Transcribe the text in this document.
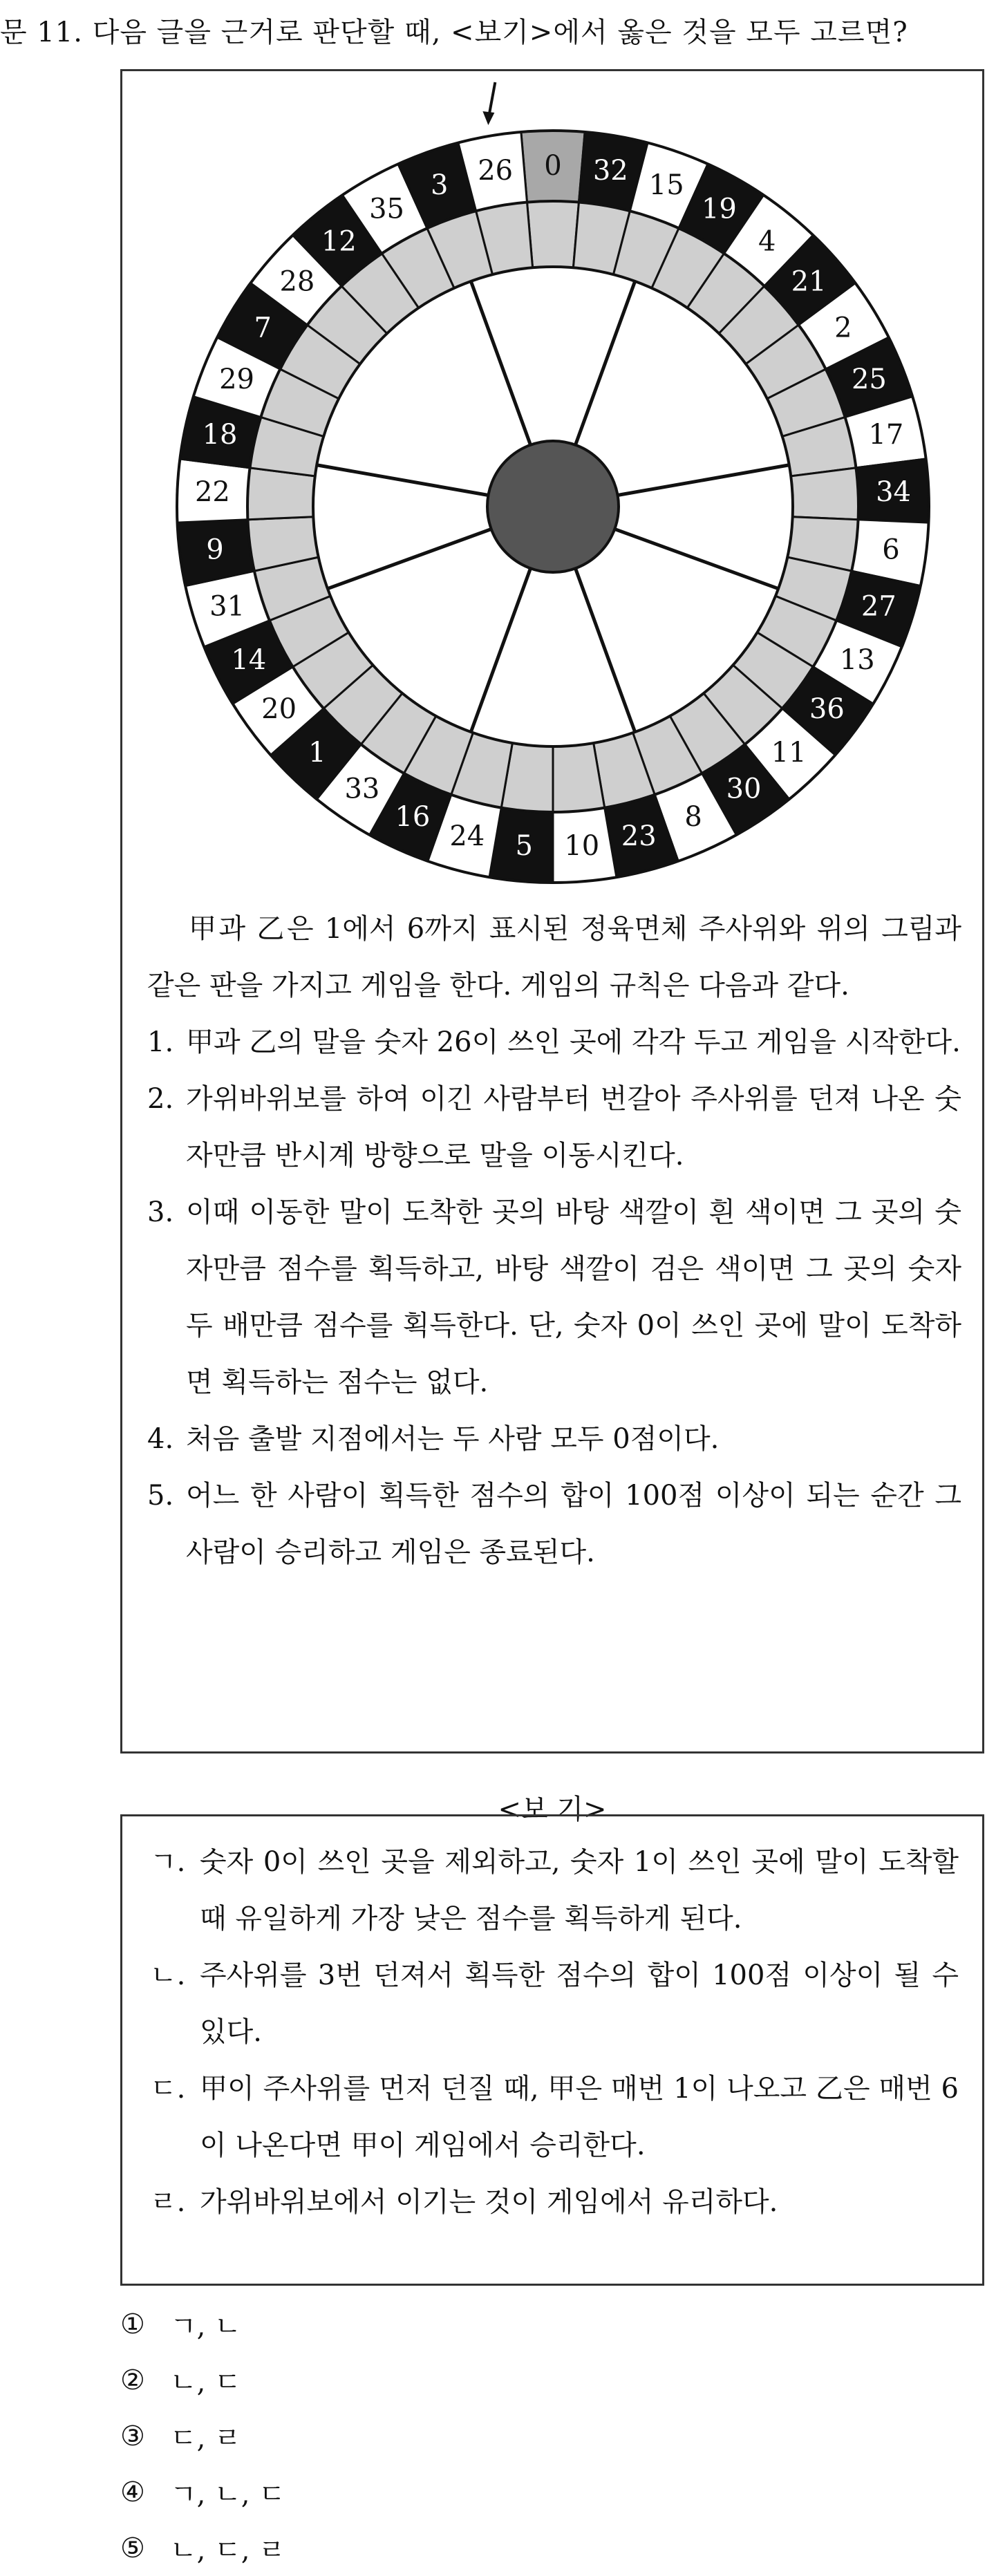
문 11.
다음 글을 근거로 판단할 때, <보기>에서 옳은 것을 모두 고르면?
0 32 15
19
4
21
2
25
17
34
6
27
13
36
11
30
8
23
10
5
24
16
33
1
20
14
31
9
22
18
29
7
28
12
35
3 26

甲과 乙은 1에서 6까지 표시된 정육면체 주사위와 위의 그림과 같은 판을 가지고 게임을 한다. 게임의 규칙은 다음과 같다.

1. 甲과 乙의 말을 숫자 26이 쓰인 곳에 각각 두고 게임을 시작한다.
2. 가위바위보를 하여 이긴 사람부터 번갈아 주사위를 던져 나온 숫자만큼 반시계 방향으로 말을 이동시킨다.
3. 이때 이동한 말이 도착한 곳의 바탕 색깔이 흰 색이면 그 곳의 숫자만큼 점수를 획득하고, 바탕 색깔이 검은 색이면 그 곳의 숫자 두 배만큼 점수를 획득한다. 단, 숫자 0이 쓰인 곳에 말이 도착하면 획득하는 점수는 없다.
4. 처음 출발 지점에서는 두 사람 모두 0점이다.
5. 어느 한 사람이 획득한 점수의 합이 100점 이상이 되는 순간 그 사람이 승리하고 게임은 종료된다.
<보 기>
ㄱ. 숫자 0이 쓰인 곳을 제외하고, 숫자 1이 쓰인 곳에 말이 도착할 때 유일하게 가장 낮은 점수를 획득하게 된다.
ㄴ. 주사위를 3번 던져서 획득한 점수의 합이 100점 이상이 될 수 있다.
ㄷ. 甲이 주사위를 먼저 던질 때, 甲은 매번 1이 나오고 乙은 매번 6이 나온다면 甲이 게임에서 승리한다.
ㄹ. 가위바위보에서 이기는 것이 게임에서 유리하다.
① ㄱ, ㄴ
② ㄴ, ㄷ
③ ㄷ, ㄹ
④ ㄱ, ㄴ, ㄷ
⑤ ㄴ, ㄷ, ㄹ
